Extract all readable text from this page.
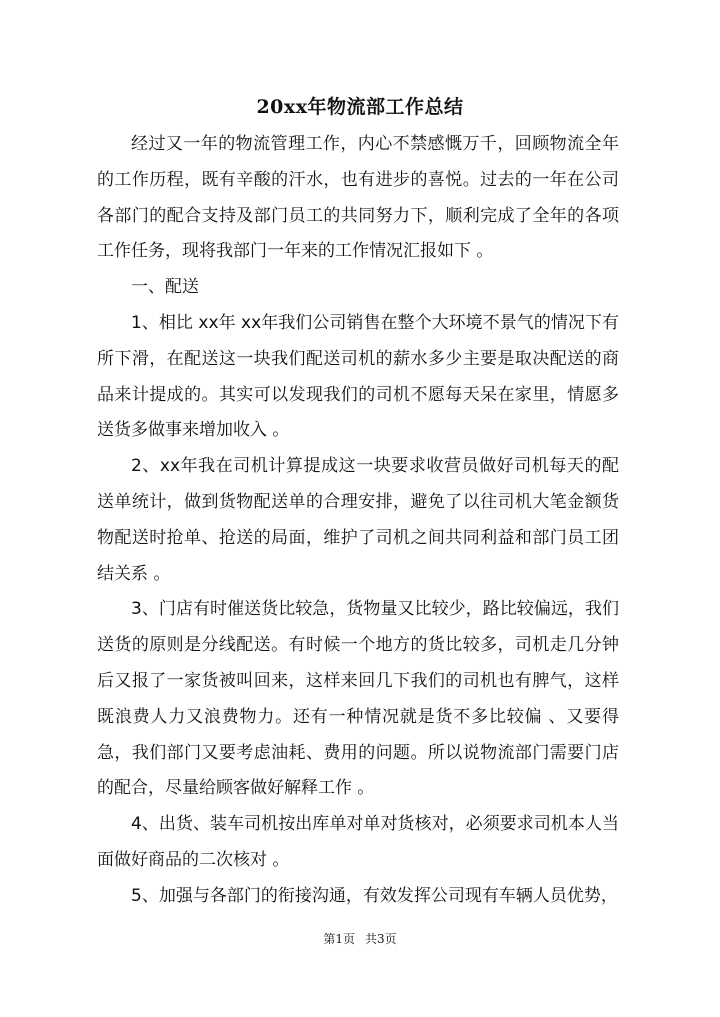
20xx年物流部工作总结

经过又一年的物流管理工作，内心不禁感慨万千，回顾物流全年的工作历程，既有辛酸的汗水，也有进步的喜悦。过去的一年在公司各部门的配合支持及部门员工的共同努力下，顺利完成了全年的各项工作任务，现将我部门一年来的工作情况汇报如下 。

一、配送

1、相比 xx年 xx年我们公司销售在整个大环境不景气的情况下有所下滑，在配送这一块我们配送司机的薪水多少主要是取决配送的商品来计提成的。其实可以发现我们的司机不愿每天呆在家里，情愿多送货多做事来增加收入 。

2、xx年我在司机计算提成这一块要求收营员做好司机每天的配送单统计，做到货物配送单的合理安排，避免了以往司机大笔金额货物配送时抢单、抢送的局面，维护了司机之间共同利益和部门员工团结关系 。

3、门店有时催送货比较急，货物量又比较少，路比较偏远，我们送货的原则是分线配送。有时候一个地方的货比较多，司机走几分钟后又报了一家货被叫回来，这样来回几下我们的司机也有脾气，这样既浪费人力又浪费物力。还有一种情况就是货不多比较偏 、又要得急，我们部门又要考虑油耗、费用的问题。所以说物流部门需要门店的配合，尽量给顾客做好解释工作 。

4、出货、装车司机按出库单对单对货核对，必须要求司机本人当面做好商品的二次核对 。

5、加强与各部门的衔接沟通，有效发挥公司现有车辆人员优势，

第1页 共3页
